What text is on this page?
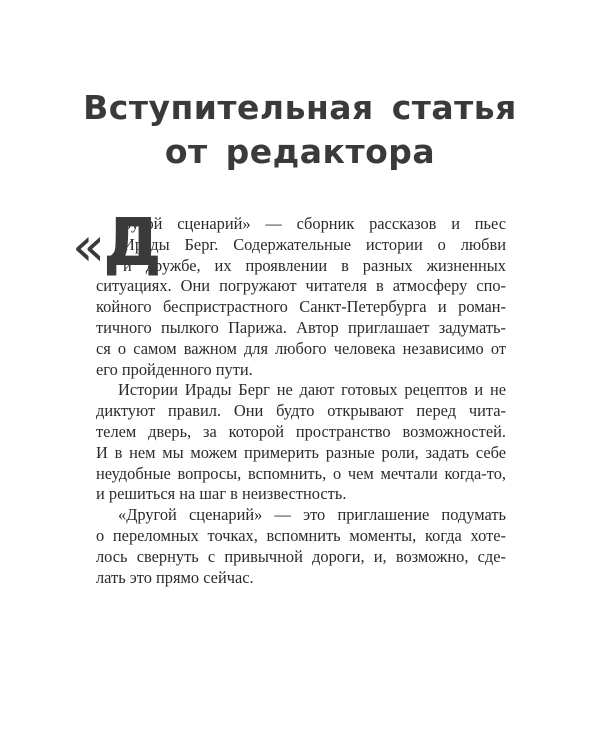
Вступительная статья
от редактора
«Д
ругой сценарий» — сборник рассказов и пьес
Ирады Берг. Содержательные истории о любви
и дружбе, их проявлении в разных жизненных
ситуациях. Они погружают читателя в атмосферу спо-
койного беспристрастного Санкт-Петербурга и роман-
тичного пылкого Парижа. Автор приглашает задумать-
ся о самом важном для любого человека независимо от
его пройденного пути.
Истории Ирады Берг не дают готовых рецептов и не
диктуют правил. Они будто открывают перед чита-
телем дверь, за которой пространство возможностей.
И в нем мы можем примерить разные роли, задать себе
неудобные вопросы, вспомнить, о чем мечтали когда-то,
и решиться на шаг в неизвестность.
«Другой сценарий» — это приглашение подумать
о переломных точках, вспомнить моменты, когда хоте-
лось свернуть с привычной дороги, и, возможно, сде-
лать это прямо сейчас.
